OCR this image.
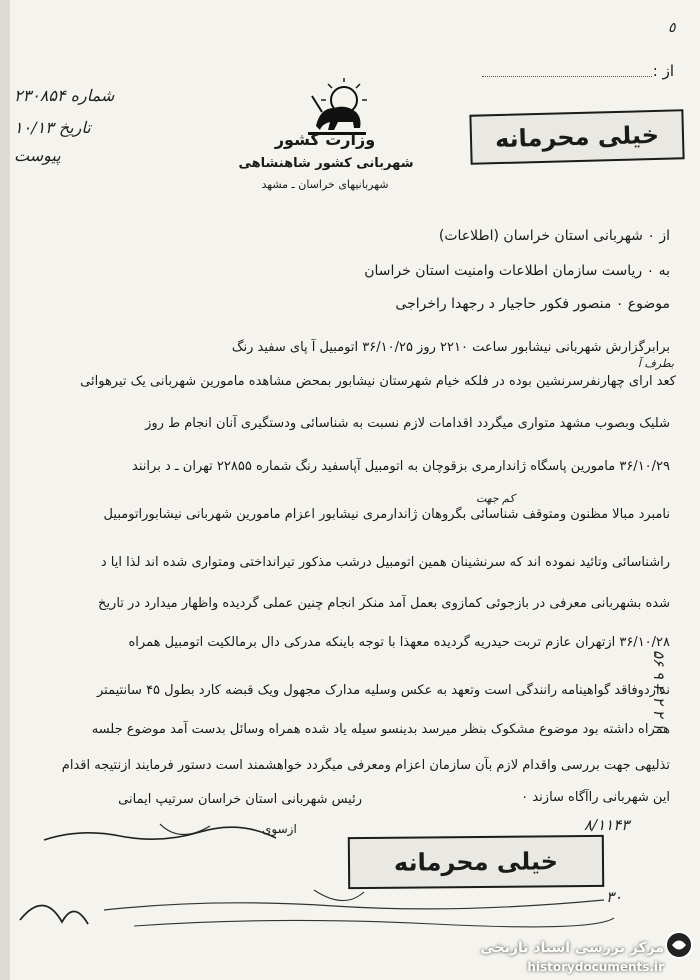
٥
از :
خیلی محرمانه
شماره ۲۳۰۸۵۴
تاریخ ۱۰/۱۳
پیوست
وزارت کشور
شهربانی کشور شاهنشاهی
شهربانیهای خراسان ـ مشهد
از ۰ شهربانی استان خراسان (اطلاعات)
به ۰ ریاست سازمان اطلاعات وامنیت استان خراسان
موضوع ۰ منصور فکور حاجیار د رجهدا راخراجی
بطرف آ
برابرگزارش شهربانی نیشابور ساعت ۲۲۱۰ روز ۳۶/۱۰/۲۵ اتومبیل آ پای سفید رنگ
کعد ارای چهارنفرسرنشین بوده در فلکه خیام شهرستان نیشابور بمحض مشاهده مامورین شهربانی یک تیرهوائی
شلیک وبصوب مشهد متواری میگردد اقدامات لازم نسبت به شناسائی ودستگیری آنان انجام ط روز
۳۶/۱۰/۲۹ مامورین پاسگاه ژاندارمری بزقوچان به اتومبیل آپاسفید رنگ شماره ۲۲۸۵۵ تهران ـ د برانند
کم جهت
نامبرد مبالا مظنون ومتوقف شناسائی بگروهان ژاندارمری نیشابور اعزام مامورین شهربانی نیشابوراتومبیل
راشناسائی وتائید نموده اند که سرنشینان همین اتومبیل درشب مذکور تیرانداختی ومتواری شده اند لذا ایا د
شده بشهربانی معرفی در بازجوئی کمازوی بعمل آمد منکر انجام چنین عملی گردیده واظهار میدارد در تاریخ
۳۶/۱۰/۲۸ ازتهران عازم تربت حیدریه گردیده معهذا با توجه باینکه مدرکی دال برمالکیت اتومبیل همراه
نداردوفاقد گواهینامه رانندگی است وتعهد به عکس وسلیه مدارک مجهول ویک قبضه کارد بطول ۴۵ سانتیمتر
همراه داشته بود موضوع مشکوک بنظر میرسد بدینسو سیله یاد شده همراه وسائل بدست آمد موضوع جلسه
تذلیهی جهت بررسی واقدام لازم بآن سازمان اعزام ومعرفی میگردد خواهشمند است دستور فرمایند ازنتیجه اقدام
این شهربانی راآگاه سازند ۰
رئیس شهربانی استان خراسان سرتیپ ایمانی
ازسوی	۸/۱۱۴۳
خیلی محرمانه
۳۰
۵۶ ۹ ۲ ۲ ۲ ۱
مرکز بررسی اسناد تاریخی
historydocuments.ir
